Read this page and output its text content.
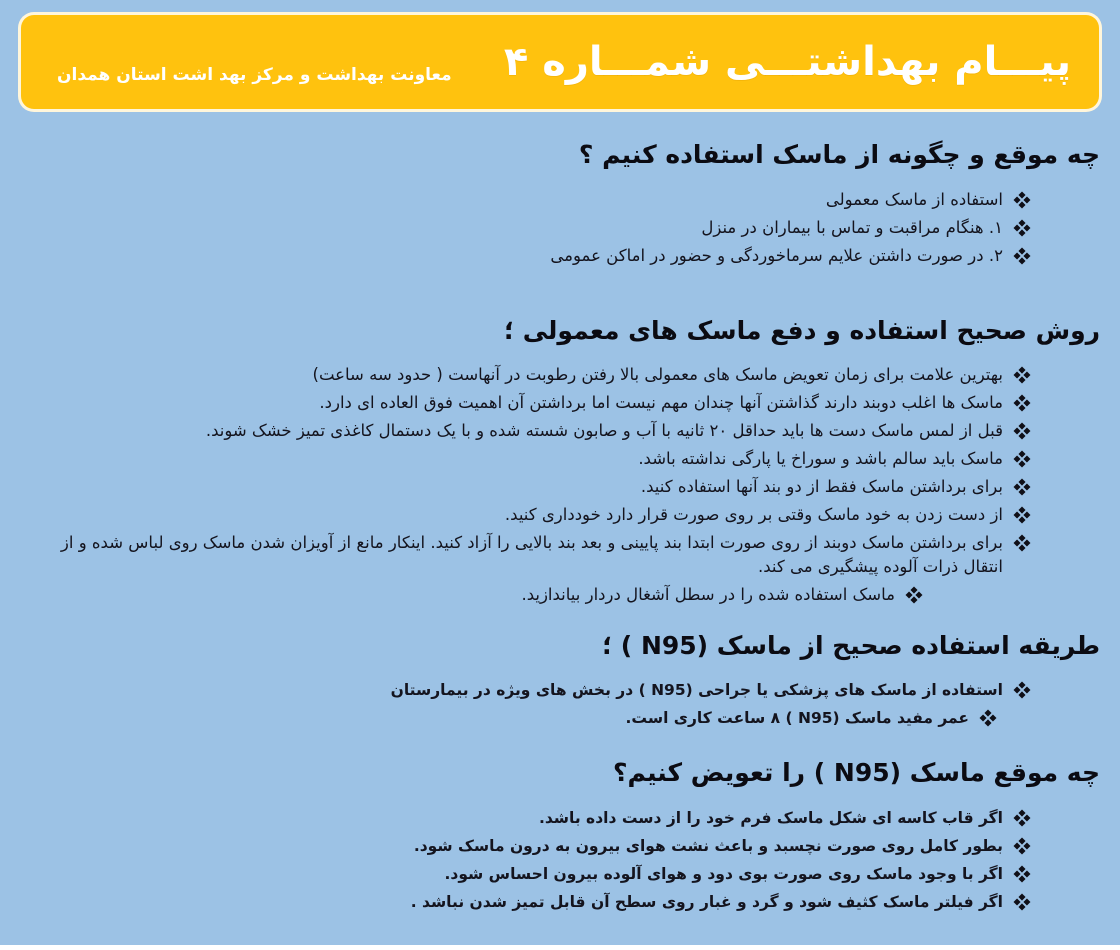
پیـــام بهداشتـــی شمـــاره ۴
معاونت بهداشت و مرکز بهد اشت استان همدان
چه موقع و چگونه از ماسک استفاده کنیم ؟
استفاده از ماسک معمولی
۱. هنگام مراقبت و تماس با بیماران در منزل
۲. در صورت داشتن علایم سرماخوردگی و حضور در اماکن عمومی
روش صحیح استفاده و دفع ماسک های معمولی ؛
بهترین علامت برای زمان تعویض ماسک های معمولی بالا رفتن رطوبت در آنهاست ( حدود سه ساعت)
ماسک ها اغلب دوبند دارند گذاشتن آنها چندان مهم نیست اما برداشتن آن اهمیت فوق العاده ای دارد.
قبل از لمس ماسک دست ها باید حداقل ۲۰ ثانیه با آب و صابون شسته شده و با یک دستمال کاغذی تمیز خشک شوند.
ماسک باید سالم باشد و سوراخ یا پارگی نداشته باشد.
برای برداشتن ماسک فقط از دو بند آنها استفاده کنید.
از دست زدن به خود ماسک وقتی بر روی صورت قرار دارد خودداری کنید.
برای برداشتن ماسک دوبند از روی صورت ابتدا بند پایینی و بعد بند بالایی را آزاد کنید. اینکار مانع از آویزان شدن ماسک روی لباس شده و از انتقال ذرات آلوده پیشگیری می کند.
ماسک استفاده شده را در سطل آشغال دردار بیاندازید.
طریقه استفاده صحیح از ماسک (N95 ) ؛
استفاده از ماسک های پزشکی یا جراحی (N95 ) در بخش های ویژه در بیمارستان
عمر مفید ماسک (N95 ) ۸ ساعت کاری است.
چه موقع ماسک (N95 ) را تعویض کنیم؟
اگر قاب کاسه ای شکل ماسک فرم خود را از دست داده باشد.
بطور کامل روی صورت نچسبد و باعث نشت هوای بیرون به درون ماسک شود.
اگر با وجود ماسک روی صورت بوی دود و هوای آلوده بیرون احساس شود.
اگر فیلتر ماسک کثیف شود و گرد و غبار روی سطح آن قابل تمیز شدن نباشد .
